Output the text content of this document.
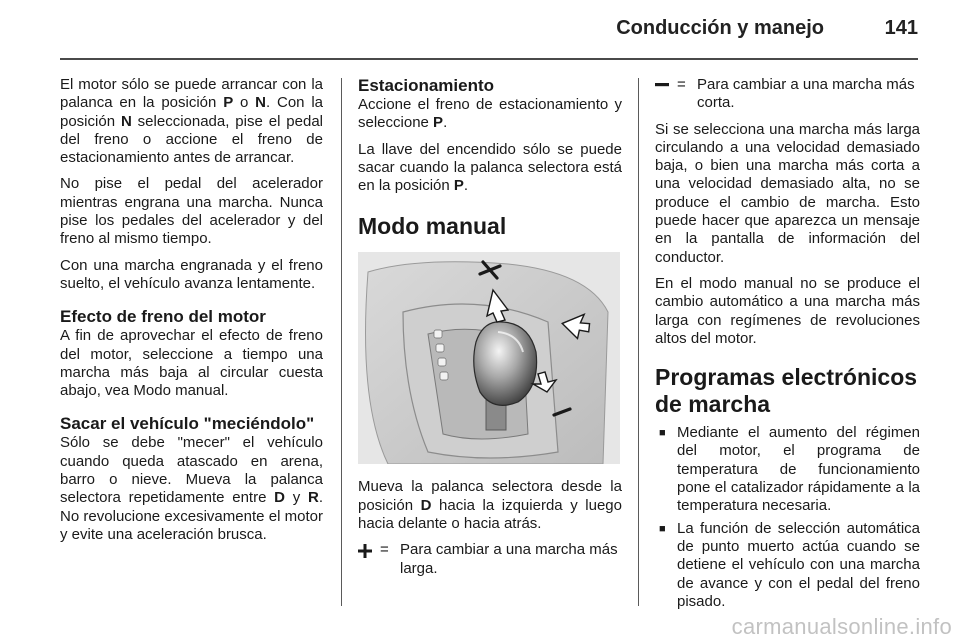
Conducción y manejo	141

El motor sólo se puede arrancar con la palanca en la posición P o N. Con la posición N seleccionada, pise el pedal del freno o accione el freno de estacionamiento antes de arrancar.

No pise el pedal del acelerador mientras engrana una marcha. Nunca pise los pedales del acelerador y del freno al mismo tiempo.

Con una marcha engranada y el freno suelto, el vehículo avanza lentamente.

Efecto de freno del motor

A fin de aprovechar el efecto de freno del motor, seleccione a tiempo una marcha más baja al circular cuesta abajo, vea Modo manual.

Sacar el vehículo "meciéndolo"

Sólo se debe "mecer" el vehículo cuando queda atascado en arena, barro o nieve. Mueva la palanca selectora repetidamente entre D y R. No revolucione excesivamente el motor y evite una aceleración brusca.

Estacionamiento

Accione el freno de estacionamiento y seleccione P.

La llave del encendido sólo se puede sacar cuando la palanca selectora está en la posición P.

Modo manual

Mueva la palanca selectora desde la posición D hacia la izquierda y luego hacia delante o hacia atrás.

= Para cambiar a una marcha más larga.
= Para cambiar a una marcha más corta.

Si se selecciona una marcha más larga circulando a una velocidad demasiado baja, o bien una marcha más corta a una velocidad demasiado alta, no se produce el cambio de marcha. Esto puede hacer que aparezca un mensaje en la pantalla de información del conductor.

En el modo manual no se produce el cambio automático a una marcha más larga con regímenes de revoluciones altos del motor.

Programas electrónicos de marcha
■ Mediante el aumento del régimen del motor, el programa de temperatura de funcionamiento pone el catalizador rápidamente a la temperatura necesaria.
■ La función de selección automática de punto muerto actúa cuando se detiene el vehículo con una marcha de avance y con el pedal del freno pisado.
carmanualsonline.info
